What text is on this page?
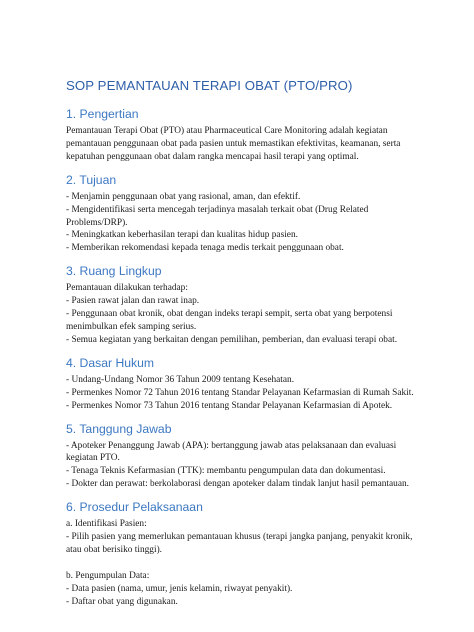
SOP PEMANTAUAN TERAPI OBAT (PTO/PRO)
1. Pengertian

Pemantauan Terapi Obat (PTO) atau Pharmaceutical Care Monitoring adalah kegiatan pemantauan penggunaan obat pada pasien untuk memastikan efektivitas, keamanan, serta kepatuhan penggunaan obat dalam rangka mencapai hasil terapi yang optimal.

2. Tujuan

- Menjamin penggunaan obat yang rasional, aman, dan efektif.

- Mengidentifikasi serta mencegah terjadinya masalah terkait obat (Drug Related Problems/DRP).

- Meningkatkan keberhasilan terapi dan kualitas hidup pasien.

- Memberikan rekomendasi kepada tenaga medis terkait penggunaan obat.

3. Ruang Lingkup

Pemantauan dilakukan terhadap:

- Pasien rawat jalan dan rawat inap.

- Penggunaan obat kronik, obat dengan indeks terapi sempit, serta obat yang berpotensi menimbulkan efek samping serius.

- Semua kegiatan yang berkaitan dengan pemilihan, pemberian, dan evaluasi terapi obat.

4. Dasar Hukum

- Undang-Undang Nomor 36 Tahun 2009 tentang Kesehatan.

- Permenkes Nomor 72 Tahun 2016 tentang Standar Pelayanan Kefarmasian di Rumah Sakit.

- Permenkes Nomor 73 Tahun 2016 tentang Standar Pelayanan Kefarmasian di Apotek.

5. Tanggung Jawab

- Apoteker Penanggung Jawab (APA): bertanggung jawab atas pelaksanaan dan evaluasi kegiatan PTO.

- Tenaga Teknis Kefarmasian (TTK): membantu pengumpulan data dan dokumentasi.

- Dokter dan perawat: berkolaborasi dengan apoteker dalam tindak lanjut hasil pemantauan.

6. Prosedur Pelaksanaan

a. Identifikasi Pasien:

- Pilih pasien yang memerlukan pemantauan khusus (terapi jangka panjang, penyakit kronik, atau obat berisiko tinggi).

b. Pengumpulan Data:

- Data pasien (nama, umur, jenis kelamin, riwayat penyakit).

- Daftar obat yang digunakan.
